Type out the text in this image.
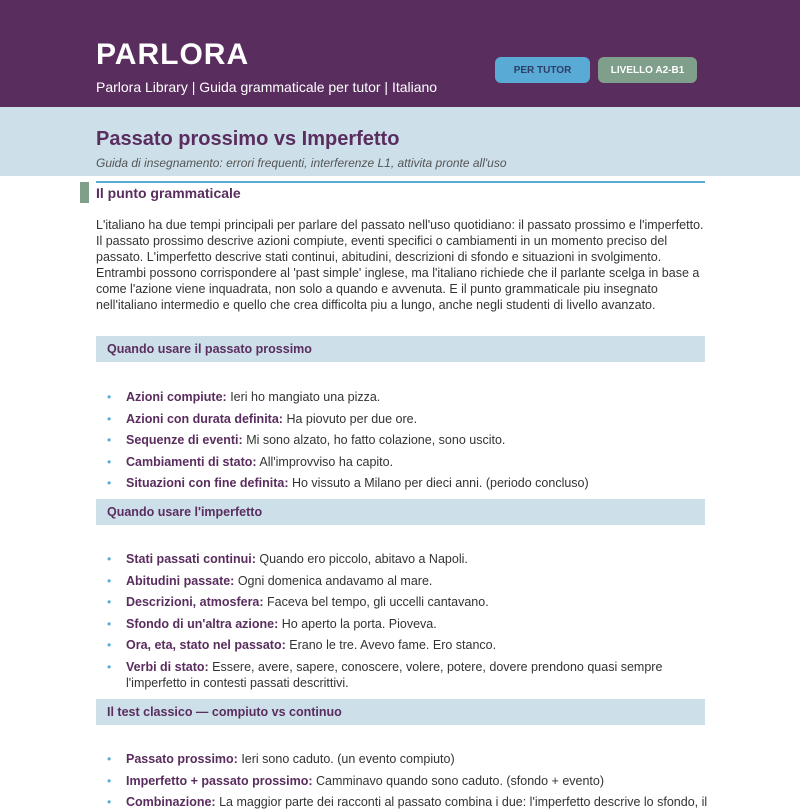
PARLORA
Parlora Library | Guida grammaticale per tutor | Italiano
PER TUTOR	LIVELLO A2-B1
Passato prossimo vs Imperfetto
Guida di insegnamento: errori frequenti, interferenze L1, attivita pronte all'uso
Il punto grammaticale

L'italiano ha due tempi principali per parlare del passato nell'uso quotidiano: il passato prossimo e l'imperfetto. Il passato prossimo descrive azioni compiute, eventi specifici o cambiamenti in un momento preciso del passato. L'imperfetto descrive stati continui, abitudini, descrizioni di sfondo e situazioni in svolgimento. Entrambi possono corrispondere al 'past simple' inglese, ma l'italiano richiede che il parlante scelga in base a come l'azione viene inquadrata, non solo a quando e avvenuta. E il punto grammaticale piu insegnato nell'italiano intermedio e quello che crea difficolta piu a lungo, anche negli studenti di livello avanzato.

Quando usare il passato prossimo
• Azioni compiute: Ieri ho mangiato una pizza.
• Azioni con durata definita: Ha piovuto per due ore.
• Sequenze di eventi: Mi sono alzato, ho fatto colazione, sono uscito.
• Cambiamenti di stato: All'improvviso ha capito.
• Situazioni con fine definita: Ho vissuto a Milano per dieci anni. (periodo concluso)
Quando usare l'imperfetto
• Stati passati continui: Quando ero piccolo, abitavo a Napoli.
• Abitudini passate: Ogni domenica andavamo al mare.
• Descrizioni, atmosfera: Faceva bel tempo, gli uccelli cantavano.
• Sfondo di un'altra azione: Ho aperto la porta. Pioveva.
• Ora, eta, stato nel passato: Erano le tre. Avevo fame. Ero stanco.
• Verbi di stato: Essere, avere, sapere, conoscere, volere, potere, dovere prendono quasi sempre l'imperfetto in contesti passati descrittivi.
Il test classico — compiuto vs continuo
• Passato prossimo: Ieri sono caduto. (un evento compiuto)
• Imperfetto + passato prossimo: Camminavo quando sono caduto. (sfondo + evento)
• Combinazione: La maggior parte dei racconti al passato combina i due: l'imperfetto descrive lo sfondo, il
